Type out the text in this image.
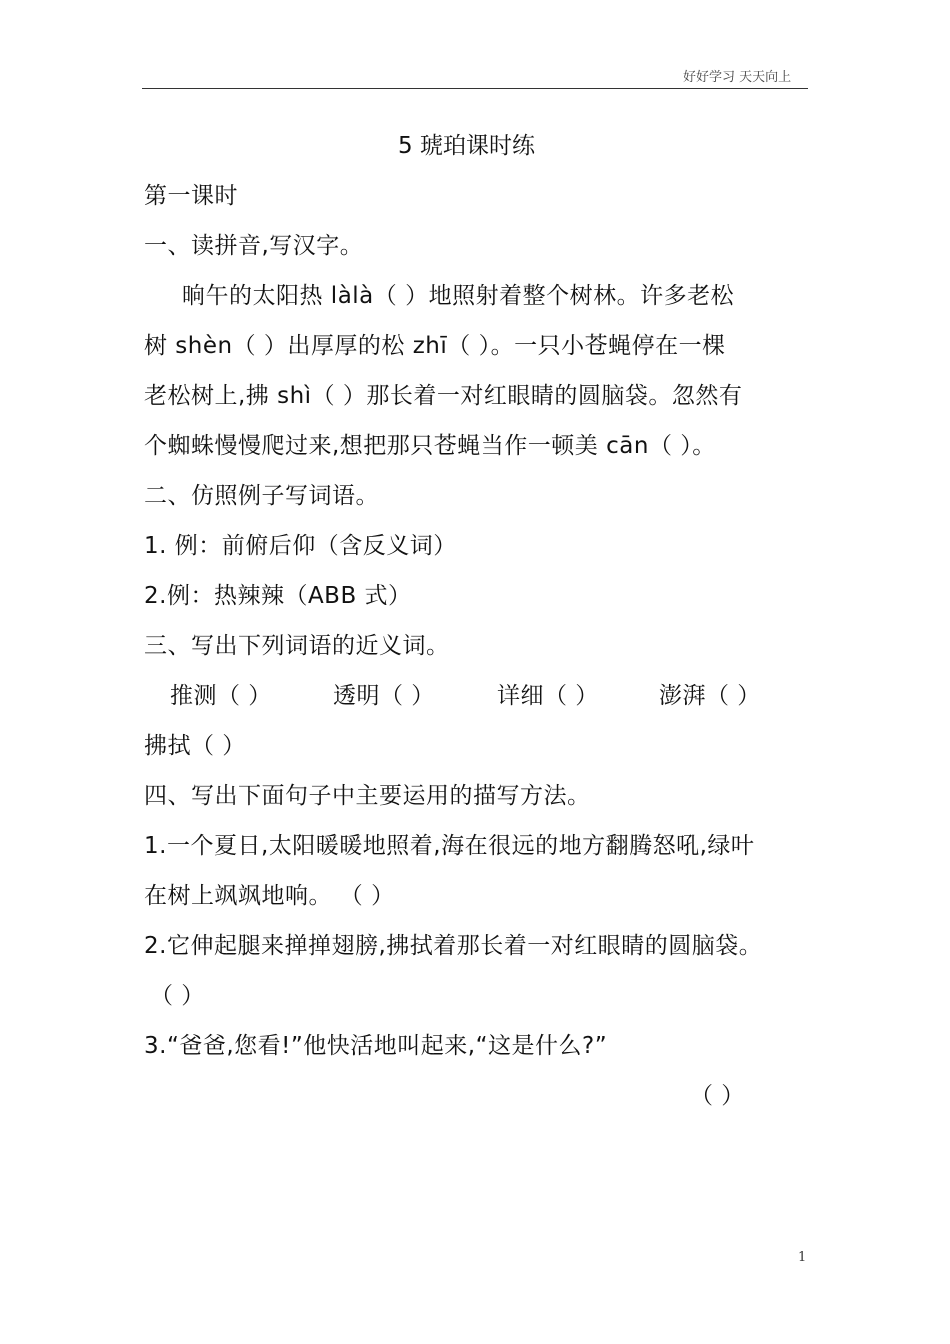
好好学习 天天向上
5 琥珀课时练
第一课时
一、读拼音,写汉字。
晌午的太阳热 làlà（ ）地照射着整个树林。许多老松
树 shèn（ ）出厚厚的松 zhī（ ）。一只小苍蝇停在一棵
老松树上,拂 shì（ ）那长着一对红眼睛的圆脑袋。忽然有
个蜘蛛慢慢爬过来,想把那只苍蝇当作一顿美 cān（ ）。
二、仿照例子写词语。
1. 例：前俯后仰（含反义词）
2.例：热辣辣（ABB 式）
三、写出下列词语的近义词。
推测（ ）	透明（ ）	详细（ ）	澎湃（ ）
拂拭（ ）
四、写出下面句子中主要运用的描写方法。
1.一个夏日,太阳暖暖地照着,海在很远的地方翻腾怒吼,绿叶
在树上飒飒地响。 （ ）
2.它伸起腿来掸掸翅膀,拂拭着那长着一对红眼睛的圆脑袋。
（ ）
3.“爸爸,您看!”他快活地叫起来,“这是什么?”
（ ）
1
